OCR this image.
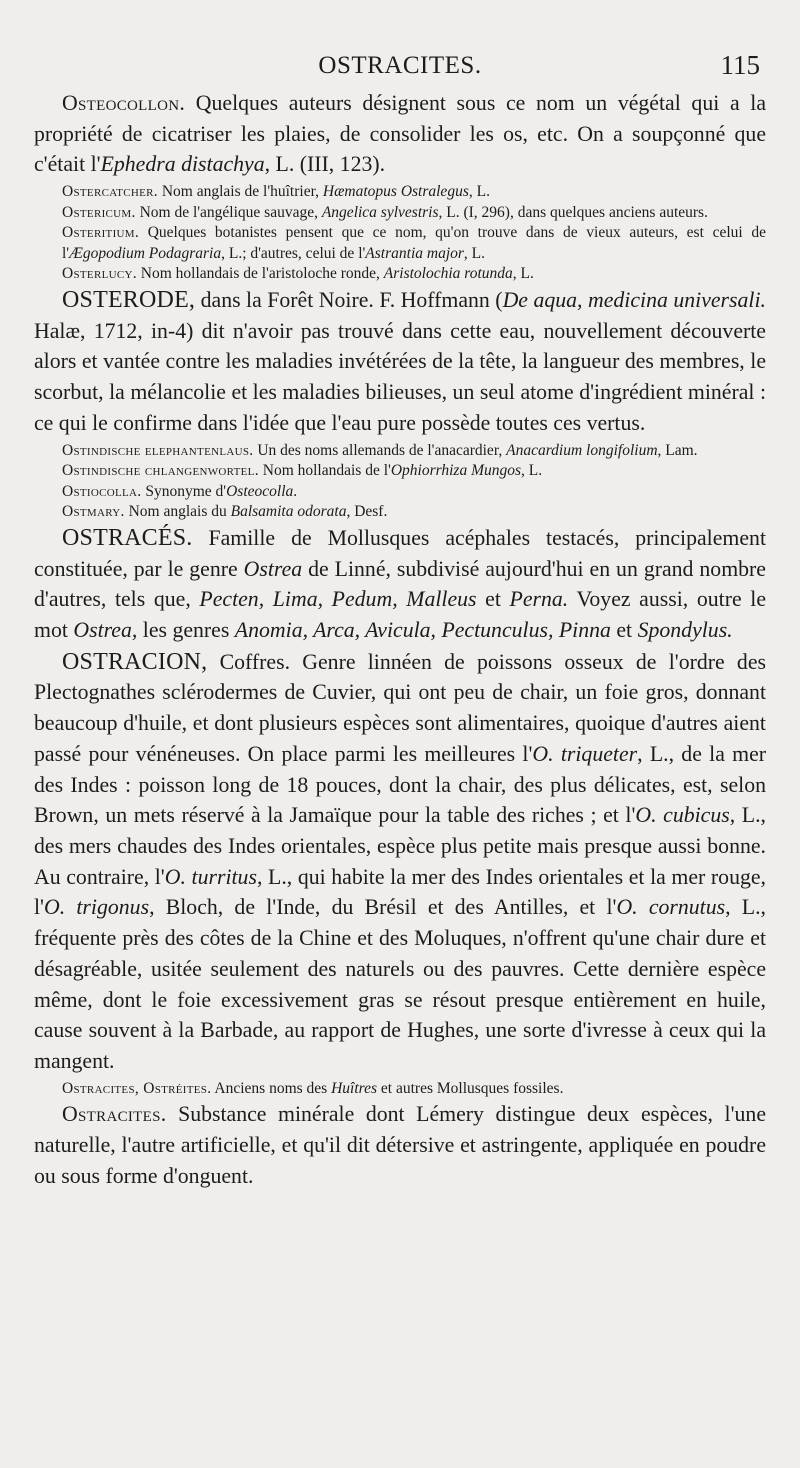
OSTRACITES.	115

Osteocollon. Quelques auteurs désignent sous ce nom un végétal qui a la propriété de cicatriser les plaies, de consolider les os, etc. On a soupçonné que c'était l'Ephedra distachya, L. (III, 123).

Ostercatcher. Nom anglais de l'huîtrier, Hæmatopus Ostralegus, L.

Ostericum. Nom de l'angélique sauvage, Angelica sylvestris, L. (I, 296), dans quelques anciens auteurs.

Osteritium. Quelques botanistes pensent que ce nom, qu'on trouve dans de vieux auteurs, est celui de l'Ægopodium Podagraria, L.; d'autres, celui de l'Astrantia major, L.

Osterlucy. Nom hollandais de l'aristoloche ronde, Aristolochia rotunda, L.

OSTERODE, dans la Forêt Noire. F. Hoffmann (De aqua, medicina universali. Halæ, 1712, in-4) dit n'avoir pas trouvé dans cette eau, nouvellement découverte alors et vantée contre les maladies invétérées de la tête, la langueur des membres, le scorbut, la mélancolie et les maladies bilieuses, un seul atome d'ingrédient minéral : ce qui le confirme dans l'idée que l'eau pure possède toutes ces vertus.

Ostindische elephantenlaus. Un des noms allemands de l'anacardier, Anacardium longifolium, Lam.

Ostindische chlangenwortel. Nom hollandais de l'Ophiorrhiza Mungos, L.

Ostiocolla. Synonyme d'Osteocolla.

Ostmary. Nom anglais du Balsamita odorata, Desf.

OSTRACÉS. Famille de Mollusques acéphales testacés, principalement constituée, par le genre Ostrea de Linné, subdivisé aujourd'hui en un grand nombre d'autres, tels que, Pecten, Lima, Pedum, Malleus et Perna. Voyez aussi, outre le mot Ostrea, les genres Anomia, Arca, Avicula, Pectunculus, Pinna et Spondylus.

OSTRACION, Coffres. Genre linnéen de poissons osseux de l'ordre des Plectognathes sclérodermes de Cuvier, qui ont peu de chair, un foie gros, donnant beaucoup d'huile, et dont plusieurs espèces sont alimentaires, quoique d'autres aient passé pour vénéneuses. On place parmi les meilleures l'O. triqueter, L., de la mer des Indes : poisson long de 18 pouces, dont la chair, des plus délicates, est, selon Brown, un mets réservé à la Jamaïque pour la table des riches ; et l'O. cubicus, L., des mers chaudes des Indes orientales, espèce plus petite mais presque aussi bonne. Au contraire, l'O. turritus, L., qui habite la mer des Indes orientales et la mer rouge, l'O. trigonus, Bloch, de l'Inde, du Brésil et des Antilles, et l'O. cornutus, L., fréquente près des côtes de la Chine et des Moluques, n'offrent qu'une chair dure et désagréable, usitée seulement des naturels ou des pauvres. Cette dernière espèce même, dont le foie excessivement gras se résout presque entièrement en huile, cause souvent à la Barbade, au rapport de Hughes, une sorte d'ivresse à ceux qui la mangent.

Ostracites, Ostréites. Anciens noms des Huîtres et autres Mollusques fossiles.

Ostracites. Substance minérale dont Lémery distingue deux espèces, l'une naturelle, l'autre artificielle, et qu'il dit détersive et astringente, appliquée en poudre ou sous forme d'onguent.
